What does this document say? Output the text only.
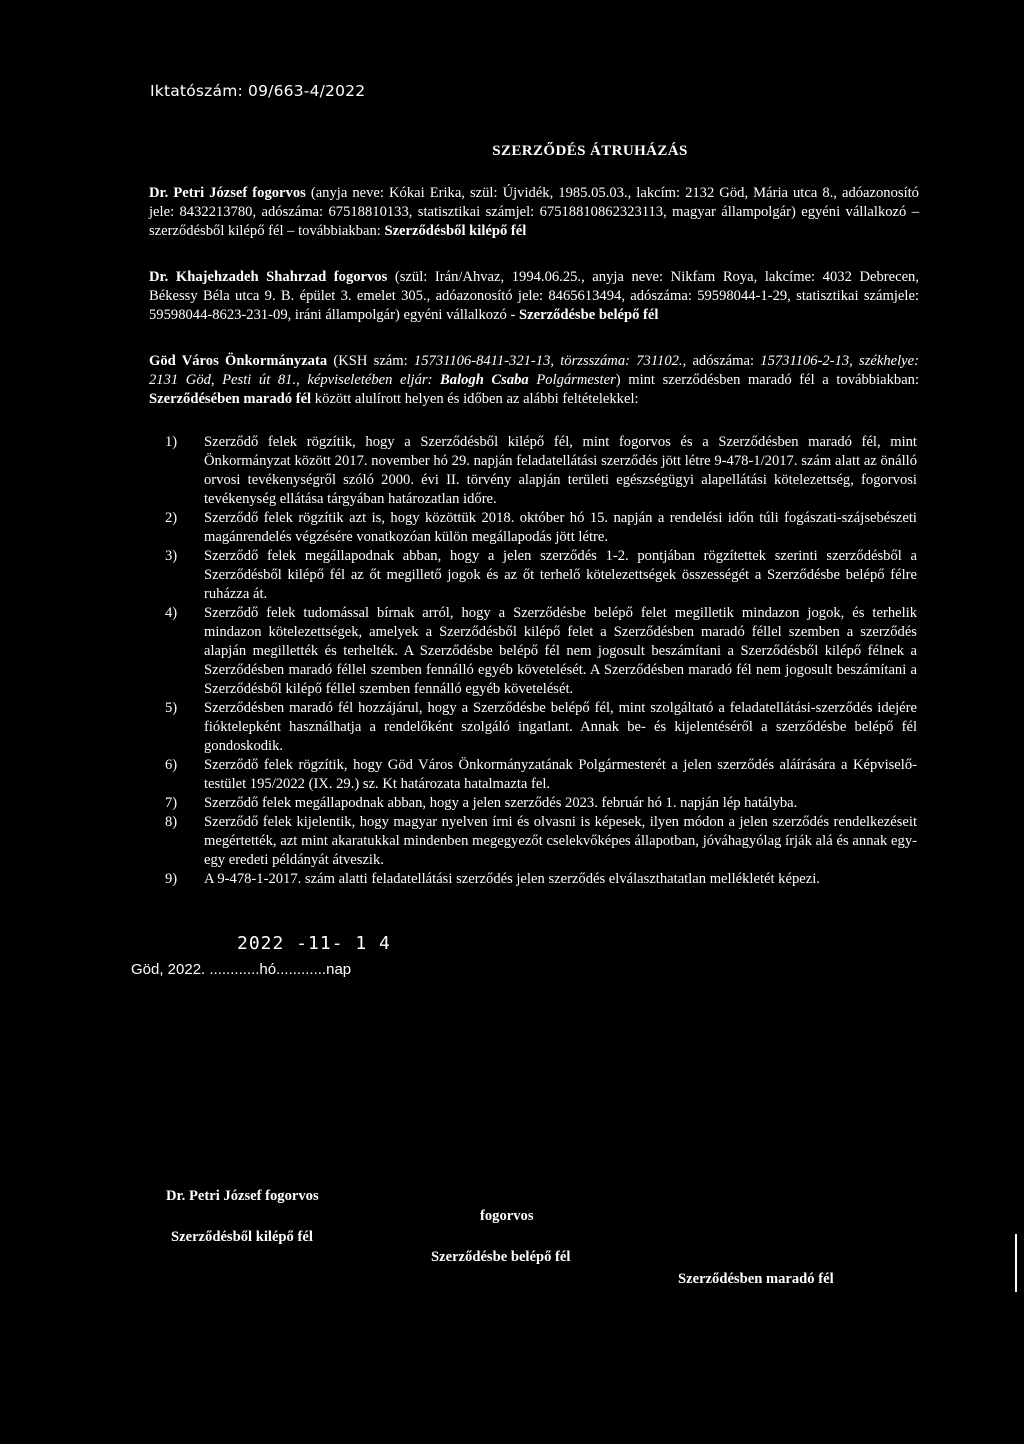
Iktatószám: 09/663-4/2022
SZERZŐDÉS ÁTRUHÁZÁS
Dr. Petri József fogorvos (anyja neve: Kókai Erika, szül: Újvidék, 1985.05.03., lakcím: 2132 Göd, Mária utca 8., adóazonosító jele: 8432213780, adószáma: 67518810133, statisztikai számjel: 67518810862323113, magyar állampolgár) egyéni vállalkozó – szerződésből kilépő fél – továbbiakban: Szerződésből kilépő fél
Dr. Khajehzadeh Shahrzad fogorvos (szül: Irán/Ahvaz, 1994.06.25., anyja neve: Nikfam Roya, lakcíme: 4032 Debrecen, Békessy Béla utca 9. B. épület 3. emelet 305., adóazonosító jele: 8465613494, adószáma: 59598044-1-29, statisztikai számjele: 59598044-8623-231-09, iráni állampolgár) egyéni vállalkozó - Szerződésbe belépő fél
Göd Város Önkormányzata (KSH szám: 15731106-8411-321-13, törzsszáma: 731102., adószáma: 15731106-2-13, székhelye: 2131 Göd, Pesti út 81., képviseletében eljár: Balogh Csaba Polgármester) mint szerződésben maradó fél a továbbiakban: Szerződésében maradó fél között alulírott helyen és időben az alábbi feltételekkel:
1) Szerződő felek rögzítik, hogy a Szerződésből kilépő fél, mint fogorvos és a Szerződésben maradó fél, mint Önkormányzat között 2017. november hó 29. napján feladatellátási szerződés jött létre 9-478-1/2017. szám alatt az önálló orvosi tevékenységről szóló 2000. évi II. törvény alapján területi egészségügyi alapellátási kötelezettség, fogorvosi tevékenység ellátása tárgyában határozatlan időre.
2) Szerződő felek rögzítik azt is, hogy közöttük 2018. október hó 15. napján a rendelési időn túli fogászati-szájsebészeti magánrendelés végzésére vonatkozóan külön megállapodás jött létre.
3) Szerződő felek megállapodnak abban, hogy a jelen szerződés 1-2. pontjában rögzítettek szerinti szerződésből a Szerződésből kilépő fél az őt megillető jogok és az őt terhelő kötelezettségek összességét a Szerződésbe belépő félre ruházza át.
4) Szerződő felek tudomással bírnak arról, hogy a Szerződésbe belépő felet megilletik mindazon jogok, és terhelik mindazon kötelezettségek, amelyek a Szerződésből kilépő felet a Szerződésben maradó féllel szemben a szerződés alapján megillették és terhelték. A Szerződésbe belépő fél nem jogosult beszámítani a Szerződésből kilépő félnek a Szerződésben maradó féllel szemben fennálló egyéb követelését. A Szerződésben maradó fél nem jogosult beszámítani a Szerződésből kilépő féllel szemben fennálló egyéb követelését.
5) Szerződésben maradó fél hozzájárul, hogy a Szerződésbe belépő fél, mint szolgáltató a feladatellátási-szerződés idejére fióktelepként használhatja a rendelőként szolgáló ingatlant. Annak be- és kijelentéséről a szerződésbe belépő fél gondoskodik.
6) Szerződő felek rögzítik, hogy Göd Város Önkormányzatának Polgármesterét a jelen szerződés aláírására a Képviselő-testület 195/2022 (IX. 29.) sz. Kt határozata hatalmazta fel.
7) Szerződő felek megállapodnak abban, hogy a jelen szerződés 2023. február hó 1. napján lép hatályba.
8) Szerződő felek kijelentik, hogy magyar nyelven írni és olvasni is képesek, ilyen módon a jelen szerződés rendelkezéseit megértették, azt mint akaratukkal mindenben megegyezőt cselekvőképes állapotban, jóváhagyólag írják alá és annak egy-egy eredeti példányát átveszik.
9) A 9-478-1-2017. szám alatti feladatellátási szerződés jelen szerződés elválaszthatatlan mellékletét képezi.
2022 -11- 1 4
Göd, 2022. ............hó............nap
Dr. Petri József fogorvos
Szerződésből kilépő fél
fogorvos
Szerződésbe belépő fél
Szerződésben maradó fél
